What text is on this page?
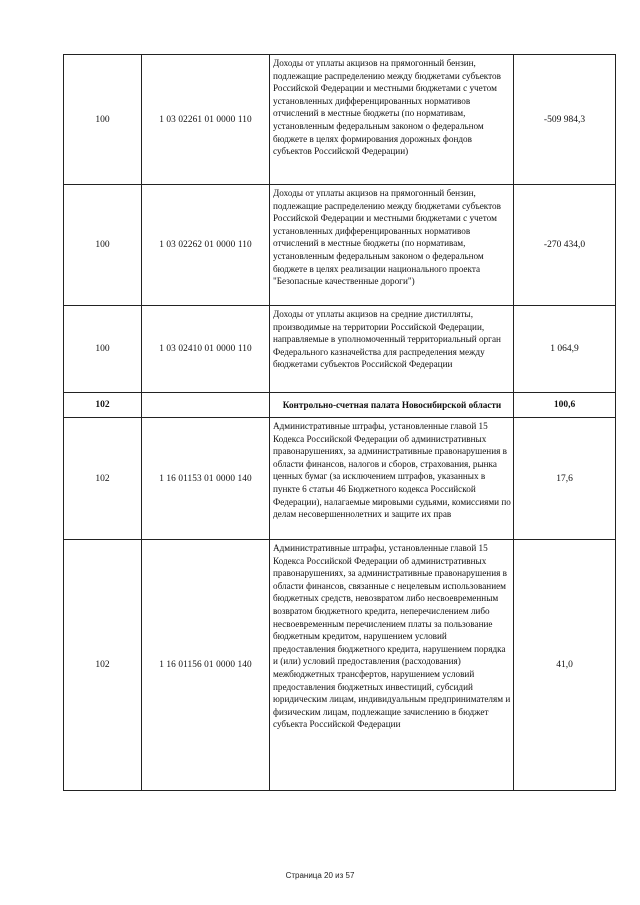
100	1 03 02261 01 0000 110	Доходы от уплаты акцизов на прямогонный бензин, подлежащие распределению между бюджетами субъектов Российской Федерации и местными бюджетами с учетом установленных дифференцированных нормативов отчислений в местные бюджеты (по нормативам, установленным федеральным законом о федеральном бюджете в целях формирования дорожных фондов субъектов Российской Федерации)	-509 984,3
100	1 03 02262 01 0000 110	Доходы от уплаты акцизов на прямогонный бензин, подлежащие распределению между бюджетами субъектов Российской Федерации и местными бюджетами с учетом установленных дифференцированных нормативов отчислений в местные бюджеты (по нормативам, установленным федеральным законом о федеральном бюджете в целях реализации национального проекта "Безопасные качественные дороги")	-270 434,0
100	1 03 02410 01 0000 110	Доходы от уплаты акцизов на средние дистилляты, производимые на территории Российской Федерации, направляемые в уполномоченный территориальный орган Федерального казначейства для распределения между бюджетами субъектов Российской Федерации	1 064,9
102		Контрольно-счетная палата Новосибирской области	100,6
102	1 16 01153 01 0000 140	Административные штрафы, установленные главой 15 Кодекса Российской Федерации об административных правонарушениях, за административные правонарушения в области финансов, налогов и сборов, страхования, рынка ценных бумаг (за исключением штрафов, указанных в пункте 6 статьи 46 Бюджетного кодекса Российской Федерации), налагаемые мировыми судьями, комиссиями по делам несовершеннолетних и защите их прав	17,6
102	1 16 01156 01 0000 140	Административные штрафы, установленные главой 15 Кодекса Российской Федерации об административных правонарушениях, за административные правонарушения в области финансов, связанные с нецелевым использованием бюджетных средств, невозвратом либо несвоевременным возвратом бюджетного кредита, неперечислением либо несвоевременным перечислением платы за пользование бюджетным кредитом, нарушением условий предоставления бюджетного кредита, нарушением порядка и (или) условий предоставления (расходования) межбюджетных трансфертов, нарушением условий предоставления бюджетных инвестиций, субсидий юридическим лицам, индивидуальным предпринимателям и физическим лицам, подлежащие зачислению в бюджет субъекта Российской Федерации	41,0
Страница 20 из 57
